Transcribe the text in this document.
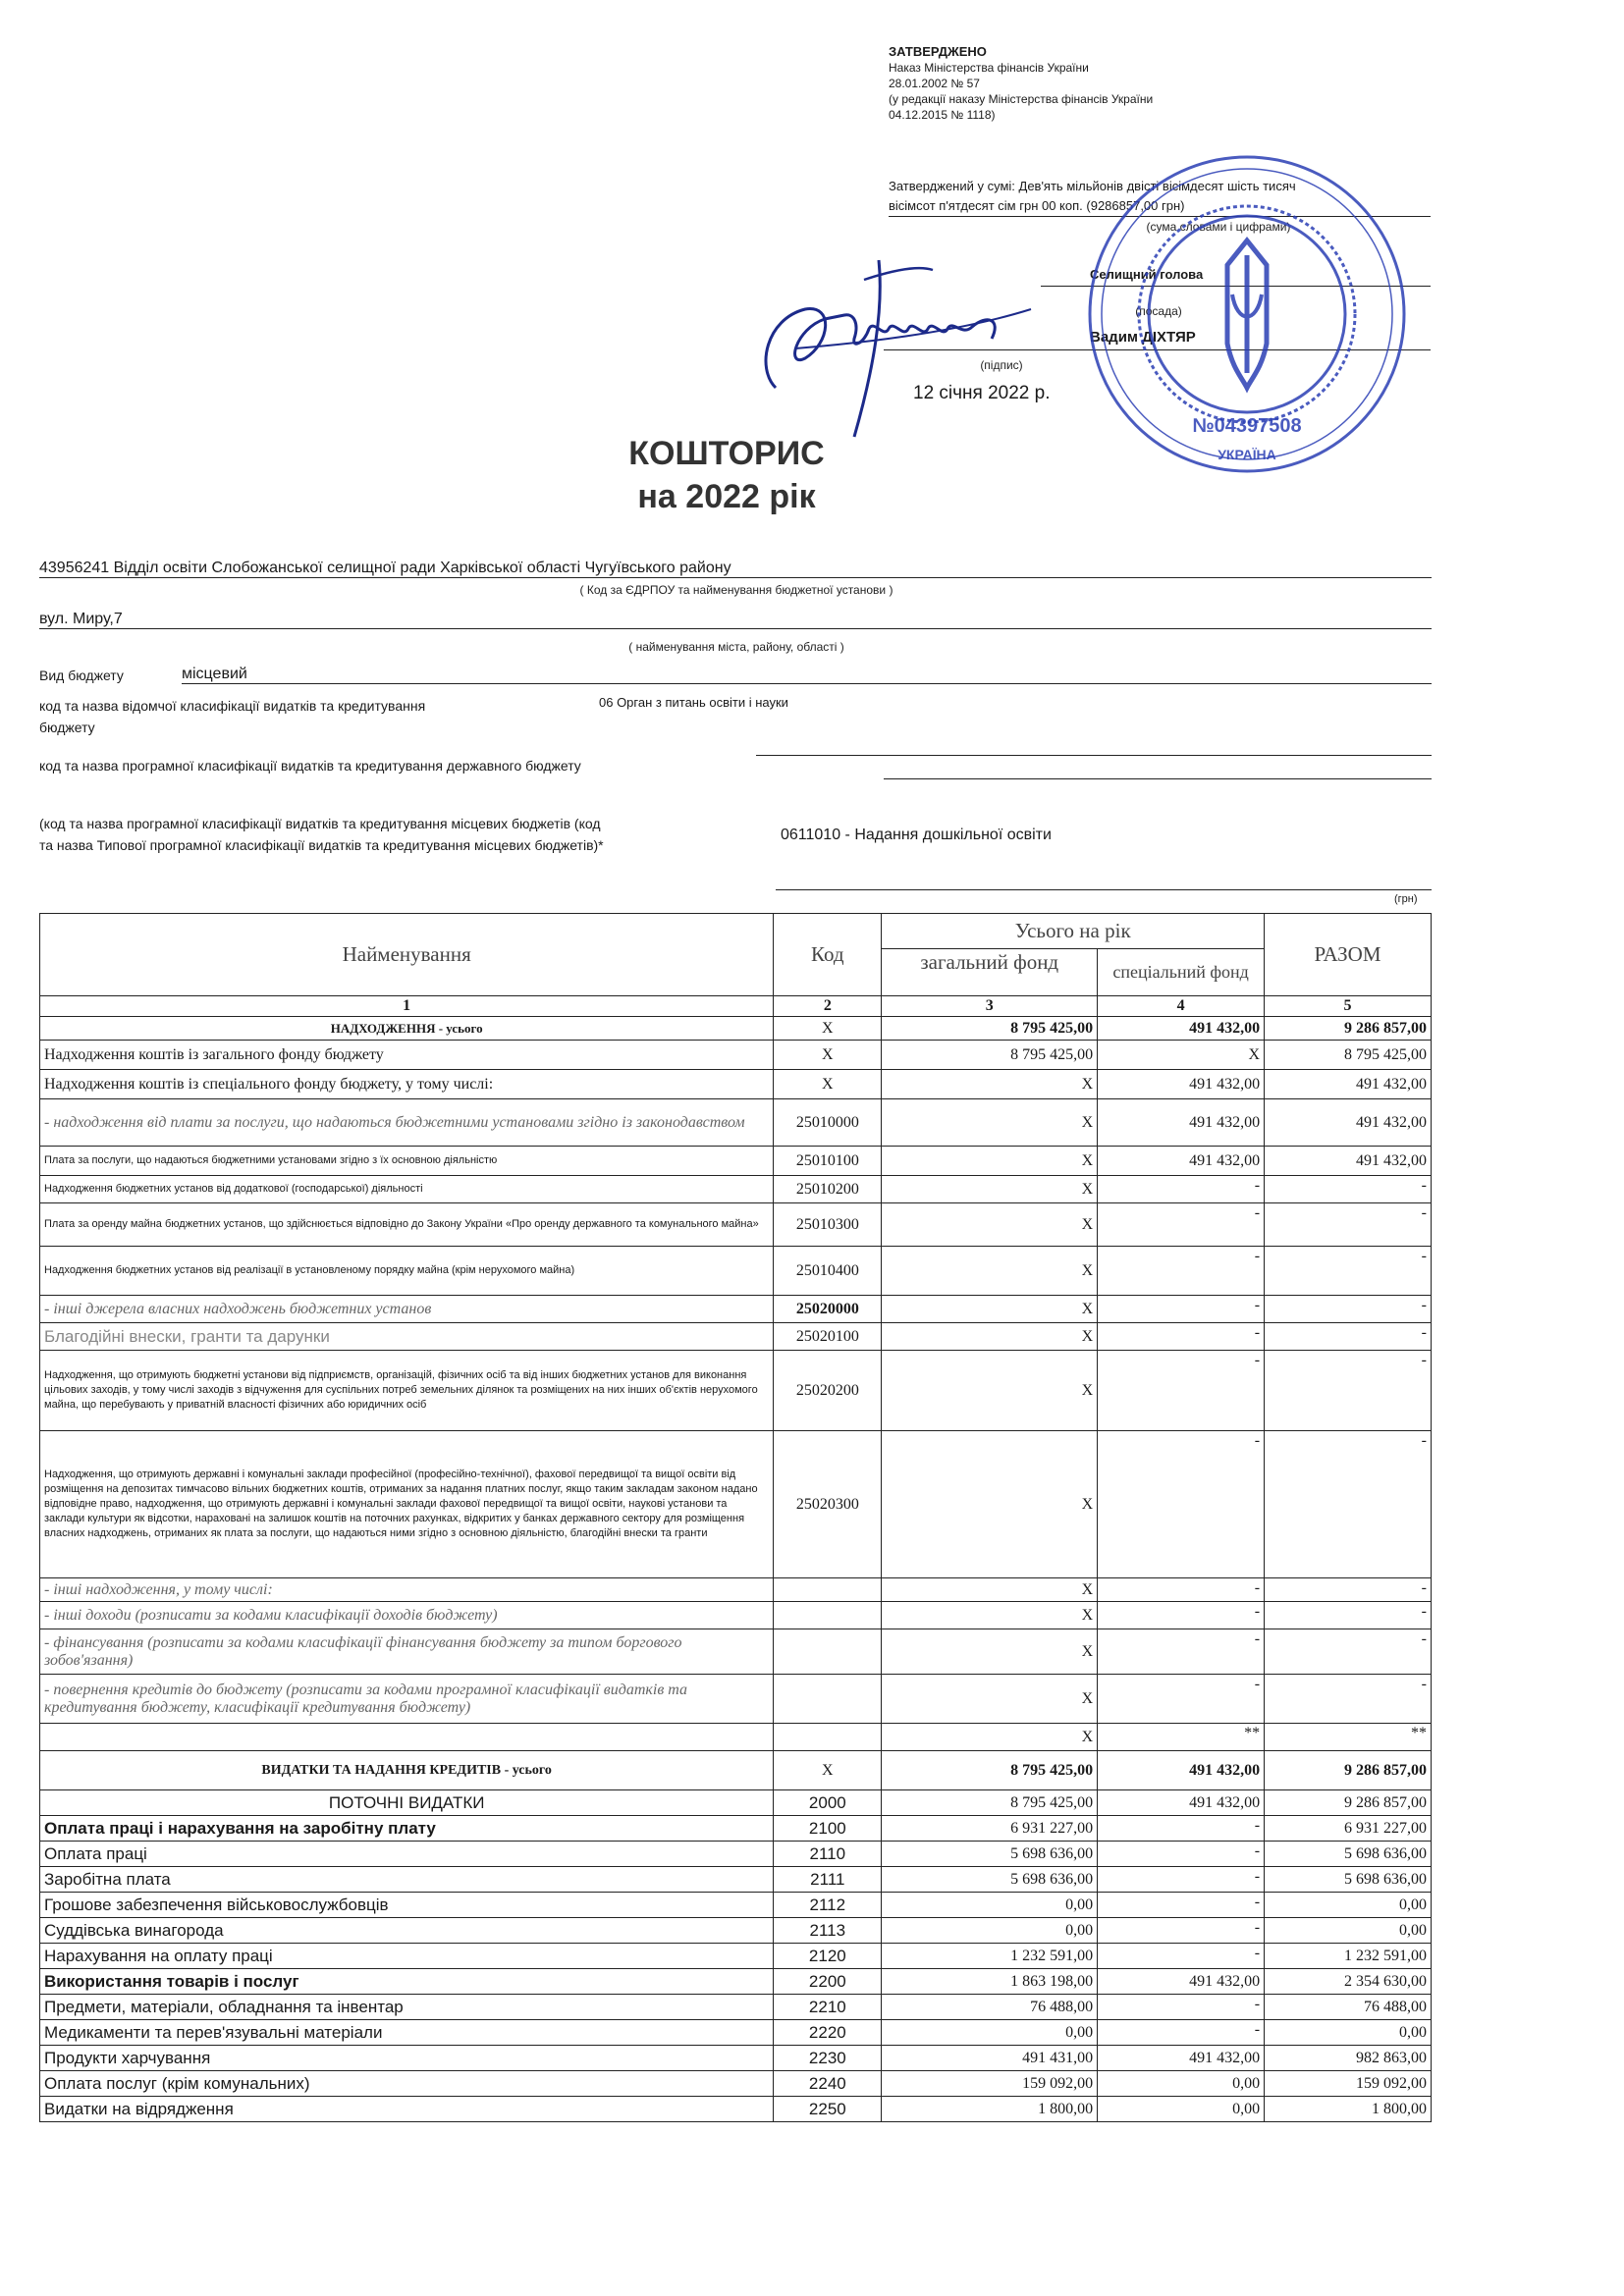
ЗАТВЕРДЖЕНО
Наказ Міністерства фінансів України
28.01.2002 № 57
(у редакції наказу Міністерства фінансів України
04.12.2015 № 1118)
Затверджений у сумі: Дев'ять мільйонів двісті вісімдесят шість тисяч
вісімсот п'ятдесят сім грн 00 коп. (9286857,00 грн)
(сума словами і цифрами)
Селищний голова
(посада)
Вадим ДІХТЯР
(підпис)
12 січня 2022 р.
№04397508
УКРАЇНА
КОШТОРИС
на 2022 рік
43956241 Відділ освіти Слобожанської селищної ради Харківської області Чугуївського району
( Код за ЄДРПОУ та найменування бюджетної установи )
вул. Миру,7
( найменування міста, району, області )
Вид бюджету	місцевий
код та назва відомчої класифікації видатків та кредитування
бюджету
06 Орган з питань освіти і науки
код та назва програмної класифікації видатків та кредитування державного бюджету
(код та назва програмної класифікації видатків та кредитування місцевих бюджетів (код
та назва Типової програмної класифікації видатків та кредитування місцевих бюджетів)*
0611010 - Надання дошкільної освіти
(грн)
Найменування	Код	Усього на рік		РАЗОМ
		загальний фонд	спеціальний фонд	
1	2	3	4	5
НАДХОДЖЕННЯ - усього	X	8 795 425,00	491 432,00	9 286 857,00
Надходження коштів із загального фонду бюджету	X	8 795 425,00	X	8 795 425,00
Надходження коштів із спеціального фонду бюджету, у тому числі:	X	X	491 432,00	491 432,00
- надходження від плати за послуги, що надаються бюджетними установами згідно із законодавством	25010000	X	491 432,00	491 432,00
Плата за послуги, що надаються бюджетними установами згідно з їх основною діяльністю	25010100	X	491 432,00	491 432,00
Надходження бюджетних установ від додаткової (господарської) діяльності	25010200	X	-	-
Плата за оренду майна бюджетних установ, що здійснюється відповідно до Закону України «Про оренду державного та комунального майна»	25010300	X	-	-
Надходження бюджетних установ від реалізації в установленому порядку майна (крім нерухомого майна)	25010400	X	-	-
- інші джерела власних надходжень бюджетних установ	25020000	X	-	-
Благодійні внески, гранти та дарунки	25020100	X	-	-
Надходження, що отримують бюджетні установи від підприємств, організацій, фізичних осіб та від інших бюджетних установ для виконання цільових заходів, у тому числі заходів з відчуження для суспільних потреб земельних ділянок та розміщених на них інших об'єктів нерухомого майна, що перебувають у приватній власності фізичних або юридичних осіб	25020200	X	-	-
Надходження, що отримують державні і комунальні заклади професійної (професійно-технічної), фахової передвищої та вищої освіти від розміщення на депозитах тимчасово вільних бюджетних коштів, отриманих за надання платних послуг, якщо таким закладам законом надано відповідне право, надходження, що отримують державні і комунальні заклади фахової передвищої та вищої освіти, наукові установи та заклади культури як відсотки, нараховані на залишок коштів на поточних рахунках, відкритих у банках державного сектору для розміщення власних надходжень, отриманих як плата за послуги, що надаються ними згідно з основною діяльністю, благодійні внески та гранти	25020300	X	-	-
- інші надходження, у тому числі:		X	-	-
- інші доходи (розписати за кодами класифікації доходів бюджету)		X	-	-
- фінансування (розписати за кодами класифікації фінансування бюджету за типом боргового зобов'язання)		X	-	-
- повернення кредитів до бюджету (розписати за кодами програмної класифікації видатків та кредитування бюджету, класифікації кредитування бюджету)		X	-	-
		X	**	**
ВИДАТКИ ТА НАДАННЯ КРЕДИТІВ - усього	X	8 795 425,00	491 432,00	9 286 857,00
ПОТОЧНІ ВИДАТКИ	2000	8 795 425,00	491 432,00	9 286 857,00
Оплата праці і нарахування на заробітну плату	2100	6 931 227,00	-	6 931 227,00
Оплата праці	2110	5 698 636,00	-	5 698 636,00
Заробітна плата	2111	5 698 636,00	-	5 698 636,00
Грошове забезпечення військовослужбовців	2112	0,00	-	0,00
Суддівська винагорода	2113	0,00	-	0,00
Нарахування на оплату праці	2120	1 232 591,00	-	1 232 591,00
Використання товарів і послуг	2200	1 863 198,00	491 432,00	2 354 630,00
Предмети, матеріали, обладнання та інвентар	2210	76 488,00	-	76 488,00
Медикаменти та перев'язувальні матеріали	2220	0,00	-	0,00
Продукти харчування	2230	491 431,00	491 432,00	982 863,00
Оплата послуг (крім комунальних)	2240	159 092,00	0,00	159 092,00
Видатки на відрядження	2250	1 800,00	0,00	1 800,00
